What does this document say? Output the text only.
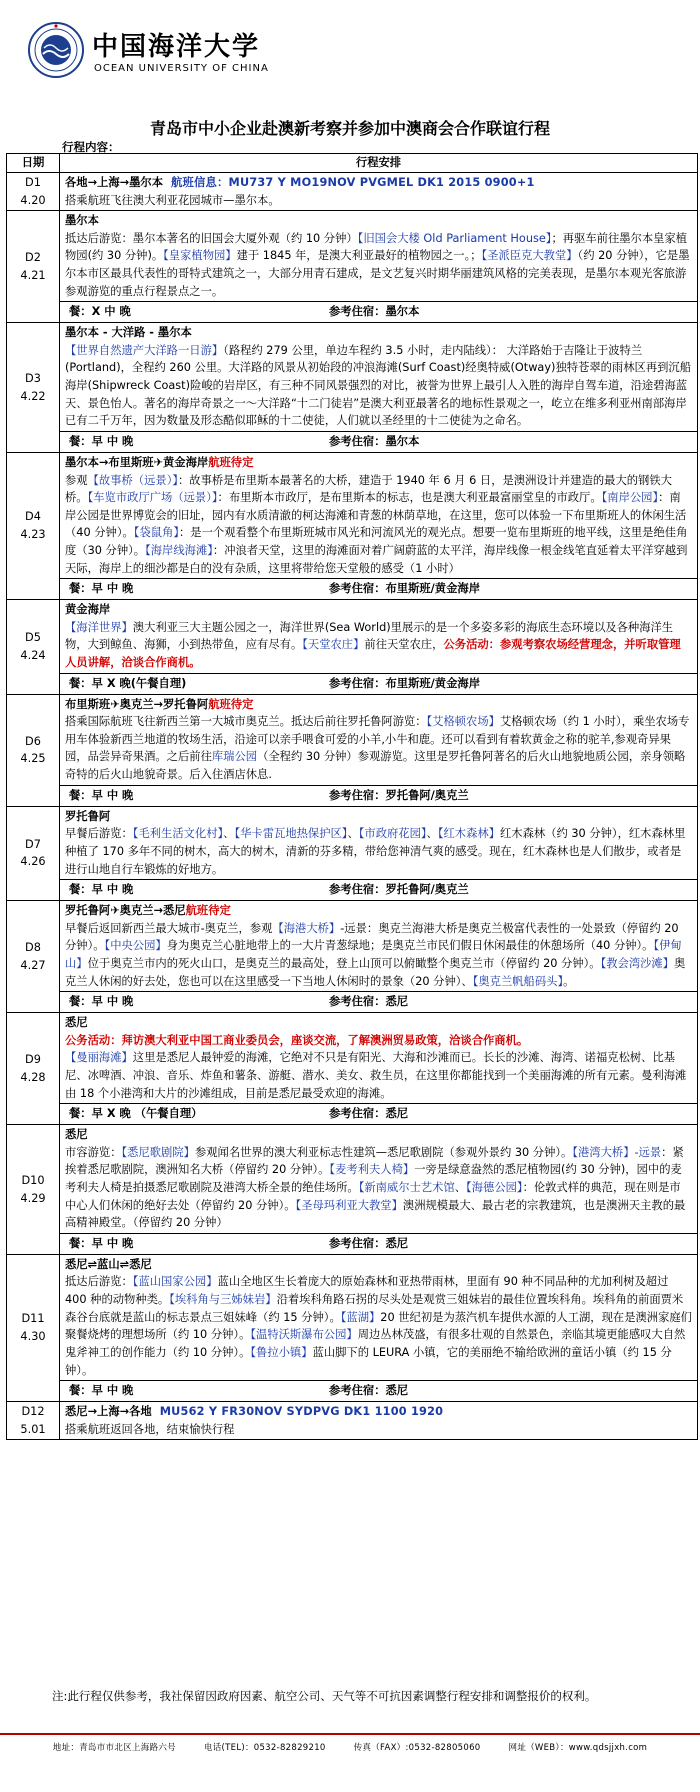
中国海洋大学
OCEAN UNIVERSITY OF CHINA
青岛市中小企业赴澳新考察并参加中澳商会合作联谊行程
行程内容：
日期	行程安排

D1
4.20	各地→上海→墨尔本 航班信息：MU737 Y MO19NOV PVGMEL DK1 2015 0900+1
搭乘航班飞往澳大利亚花园城市—墨尔本。

D2
4.21	墨尔本
抵达后游览：墨尔本著名的旧国会大厦外观（约 10 分钟）【旧国会大楼 Old Parliament House】；再驱车前往墨尔本皇家植物园(约 30 分钟)。【皇家植物园】建于 1845 年，是澳大利亚最好的植物园之一。；【圣派臣克大教堂】（约 20 分钟），它是墨尔本市区最具代表性的哥特式建筑之一，大部分用青石建成，是文艺复兴时期华丽建筑风格的完美表现，是墨尔本观光客旅游参观游览的重点行程景点之一。

	餐：X 中 晚 参考住宿：墨尔本

D3
4.22	墨尔本 - 大洋路 - 墨尔本
【世界自然遗产大洋路一日游】（路程约 279 公里，单边车程约 3.5 小时，走内陆线）： 大洋路始于吉隆让于波特兰(Portland)，全程约 260 公里。大洋路的风景从初始段的冲浪海滩(Surf Coast)经奥特威(Otway)独特苍翠的雨林区再到沉船海岸(Shipwreck Coast)险峻的岩岸区，有三种不同风景强烈的对比，被誉为世界上最引人入胜的海岸自驾车道，沿途碧海蓝天、景色怡人。著名的海岸奇景之一～大洋路“十二门徒岩”是澳大利亚最著名的地标性景观之一，屹立在维多利亚州南部海岸已有二千万年，因为数量及形态酷似耶稣的十二使徒，人们就以圣经里的十二使徒为之命名。

	餐：早 中 晚 参考住宿：墨尔本

D4
4.23	墨尔本→布里斯班✈黄金海岸航班待定
参观【故事桥（远景）】：故事桥是布里斯本最著名的大桥，建造于 1940 年 6 月 6 日，是澳洲设计并建造的最大的钢铁大桥。【车览市政厅广场（远景）】：布里斯本市政厅，是布里斯本的标志，也是澳大利亚最富丽堂皇的市政厅。【南岸公园】：南岸公园是世界博览会的旧址，园内有水质清澈的柯达海滩和青葱的林荫草地，在这里，您可以体验一下布里斯班人的休闲生活（40 分钟）。【袋鼠角】：是一个观看整个布里斯班城市风光和河流风光的观光点。想要一览布里斯班的地平线，这里是绝佳角度（30 分钟）。【海岸线海滩】：冲浪者天堂，这里的海滩面对着广阔蔚蓝的太平洋，海岸线像一根金线笔直延着太平洋穿越到天际，海岸上的细沙都是白的没有杂质，这里将带给您天堂般的感受（1 小时）

	餐：早 中 晚 参考住宿：布里斯班/黄金海岸

D5
4.24	黄金海岸
【海洋世界】澳大利亚三大主题公园之一，海洋世界(Sea World)里展示的是一个多姿多彩的海底生态环境以及各种海洋生物，大到鲸鱼、海狮，小到热带鱼，应有尽有。【天堂农庄】前往天堂农庄，公务活动：参观考察农场经营理念，并听取管理人员讲解，洽谈合作商机。

	餐：早 X 晚(午餐自理) 参考住宿：布里斯班/黄金海岸

D6
4.25	布里斯班✈奥克兰→罗托鲁阿航班待定
搭乘国际航班飞往新西兰第一大城市奥克兰。抵达后前往罗托鲁阿游览：【艾格顿农场】艾格顿农场（约 1 小时），乘坐农场专用车体验新西兰地道的牧场生活，沿途可以亲手喂食可爱的小羊,小牛和鹿。还可以看到有着软黄金之称的驼羊,参观奇异果园，品尝异奇果酒。之后前往库瑞公园（全程约 30 分钟）参观游览。这里是罗托鲁阿著名的后火山地貌地质公园，亲身领略奇特的后火山地貌奇景。后入住酒店休息.

	餐：早 中 晚 参考住宿：罗托鲁阿/奥克兰

D7
4.26	罗托鲁阿
早餐后游览：【毛利生活文化村】、【华卡雷瓦地热保护区】、【市政府花园】、【红木森林】红木森林（约 30 分钟），红木森林里种植了 170 多年不同的树木，高大的树木，清新的芬多精，带给您神清气爽的感受。现在，红木森林也是人们散步，或者是进行山地自行车锻炼的好地方。

	餐：早 中 晚 参考住宿：罗托鲁阿/奥克兰

D8
4.27	罗托鲁阿✈奥克兰→悉尼航班待定
早餐后返回新西兰最大城市-奥克兰，参观【海港大桥】-远景：奥克兰海港大桥是奥克兰极富代表性的一处景致（停留约 20 分钟）。【中央公园】身为奥克兰心脏地带上的一大片青葱绿地；是奥克兰市民们假日休闲最佳的休憩场所（40 分钟）。【伊甸山】位于奥克兰市内的死火山口，是奥克兰的最高处，登上山顶可以俯瞰整个奥克兰市（停留约 20 分钟）。【教会湾沙滩】奥克兰人休闲的好去处，您也可以在这里感受一下当地人休闲时的景象（20 分钟）、【奥克兰帆船码头】。

	餐：早 中 晚 参考住宿：悉尼

D9
4.28	悉尼
公务活动：拜访澳大利亚中国工商业委员会，座谈交流，了解澳洲贸易政策，洽谈合作商机。
【曼丽海滩】这里是悉尼人最钟爱的海滩，它绝对不只是有阳光、大海和沙滩而已。长长的沙滩、海湾、诺福克松树、比基尼、冰啤酒、冲浪、音乐、炸鱼和薯条、游艇、潜水、美女、救生员，在这里你都能找到一个美丽海滩的所有元素。曼利海滩由 18 个小港湾和大片的沙滩组成，目前是悉尼最受欢迎的海滩。

	餐：早 X 晚 （午餐自理） 参考住宿：悉尼

D10
4.29	悉尼
市容游览：【悉尼歌剧院】参观闻名世界的澳大利亚标志性建筑—悉尼歌剧院（参观外景约 30 分钟）。【港湾大桥】-远景：紧挨着悉尼歌剧院，澳洲知名大桥（停留约 20 分钟）。【麦考利夫人椅】一旁是绿意盎然的悉尼植物园(约 30 分钟)，园中的麦考利夫人椅是拍摄悉尼歌剧院及港湾大桥全景的绝佳场所。【新南威尔士艺术馆、【海德公园】：伦敦式样的典范，现在则是市中心人们休闲的绝好去处（停留约 20 分钟）。【圣母玛利亚大教堂】澳洲规模最大、最古老的宗教建筑，也是澳洲天主教的最高精神殿堂。（停留约 20 分钟）

	餐：早 中 晚 参考住宿：悉尼

D11
4.30	悉尼⇌蓝山⇌悉尼
抵达后游览：【蓝山国家公园】蓝山全地区生长着庞大的原始森林和亚热带雨林，里面有 90 种不同品种的尤加利树及超过 400 种的动物种类。【埃科角与三姊妹岩】沿着埃科角路石拐的尽头处是观赏三姐妹岩的最佳位置埃科角。埃科角的前面贾米森谷台底就是蓝山的标志景点三姐妹峰（约 15 分钟）。【蓝湖】20 世纪初是为蒸汽机车提供水源的人工湖，现在是澳洲家庭们聚餐烧烤的理想场所（约 10 分钟）。【温特沃斯瀑布公园】周边丛林茂盛，有很多壮观的自然景色，亲临其境更能感叹大自然鬼斧神工的创作能力（约 10 分钟）。【鲁拉小镇】蓝山脚下的 LEURA 小镇，它的美丽绝不输给欧洲的童话小镇（约 15 分钟）。

	餐：早 中 晚 参考住宿：悉尼

D12
5.01	悉尼→上海→各地 MU562 Y FR30NOV SYDPVG DK1 1100 1920
搭乘航班返回各地，结束愉快行程
注:此行程仅供参考，我社保留因政府因素、航空公司、天气等不可抗因素调整行程安排和调整报价的权利。
地址：青岛市市北区上海路六号	电话(TEL)：0532-82829210	传真（FAX）:0532-82805060	网址（WEB）：www.qdsjjxh.com
